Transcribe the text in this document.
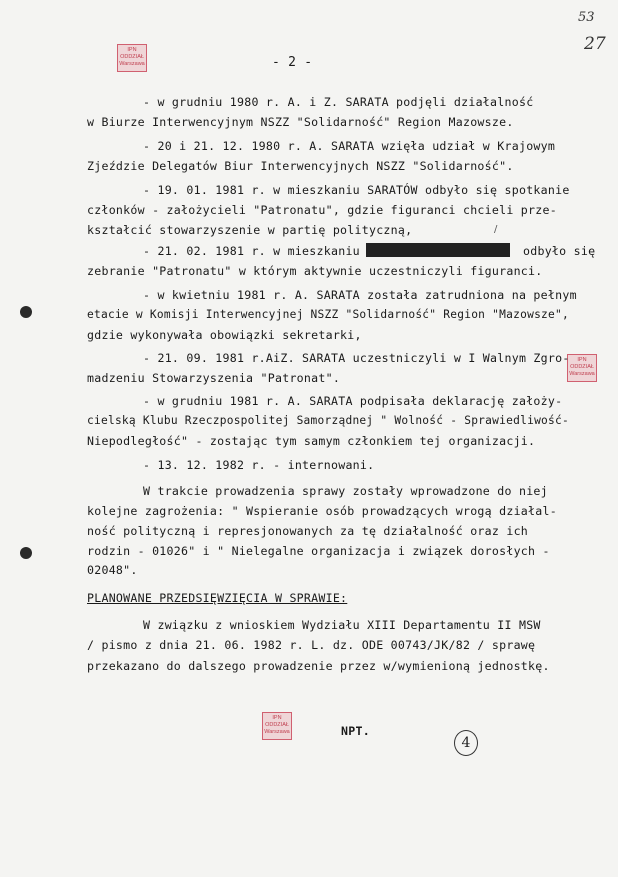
53
27
IPN
ODDZIAŁ
Warszawa
IPN
ODDZIAŁ
Warszawa
IPN
ODDZIAŁ
Warszawa
- 2 -
- w grudniu 1980 r. A. i Z. SARATA podjęli działalność
w Biurze Interwencyjnym NSZZ "Solidarność" Region Mazowsze.
- 20 i 21. 12. 1980 r. A. SARATA wzięła udział w Krajowym
Zjeździe Delegatów Biur Interwencyjnych NSZZ "Solidarność".
- 19. 01. 1981 r. w mieszkaniu SARATÓW odbyło się spotkanie
członków - założycieli "Patronatu", gdzie figuranci chcieli prze-
kształcić stowarzyszenie w partię polityczną,
- 21. 02. 1981 r. w mieszkaniu	odbyło się
zebranie "Patronatu" w którym aktywnie uczestniczyli figuranci.
- w kwietniu 1981 r. A. SARATA została zatrudniona na pełnym
etacie w Komisji Interwencyjnej NSZZ "Solidarność" Region "Mazowsze",
gdzie wykonywała obowiązki sekretarki,
- 21. 09. 1981 r.AiZ. SARATA uczestniczyli w I Walnym Zgro-
madzeniu Stowarzyszenia "Patronat".
- w grudniu 1981 r. A. SARATA podpisała deklarację założy-
cielską Klubu Rzeczpospolitej Samorządnej " Wolność - Sprawiedliwość-
Niepodległość" - zostając tym samym członkiem tej organizacji.
- 13. 12. 1982 r. - internowani.
W trakcie prowadzenia sprawy zostały wprowadzone do niej
kolejne zagrożenia: " Wspieranie osób prowadzących wrogą działal-
ność polityczną i represjonowanych za tę działalność oraz ich
rodzin - 01026" i " Nielegalne organizacja i związek dorosłych -
02048".
PLANOWANE PRZEDSIĘWZIĘCIA W SPRAWIE:
W związku z wnioskiem Wydziału XIII Departamentu II MSW
/ pismo z dnia 21. 06. 1982 r. L. dz. ODE 00743/JK/82 / sprawę
przekazano do dalszego prowadzenie przez w/wymienioną jednostkę.
NPT.
4
/
